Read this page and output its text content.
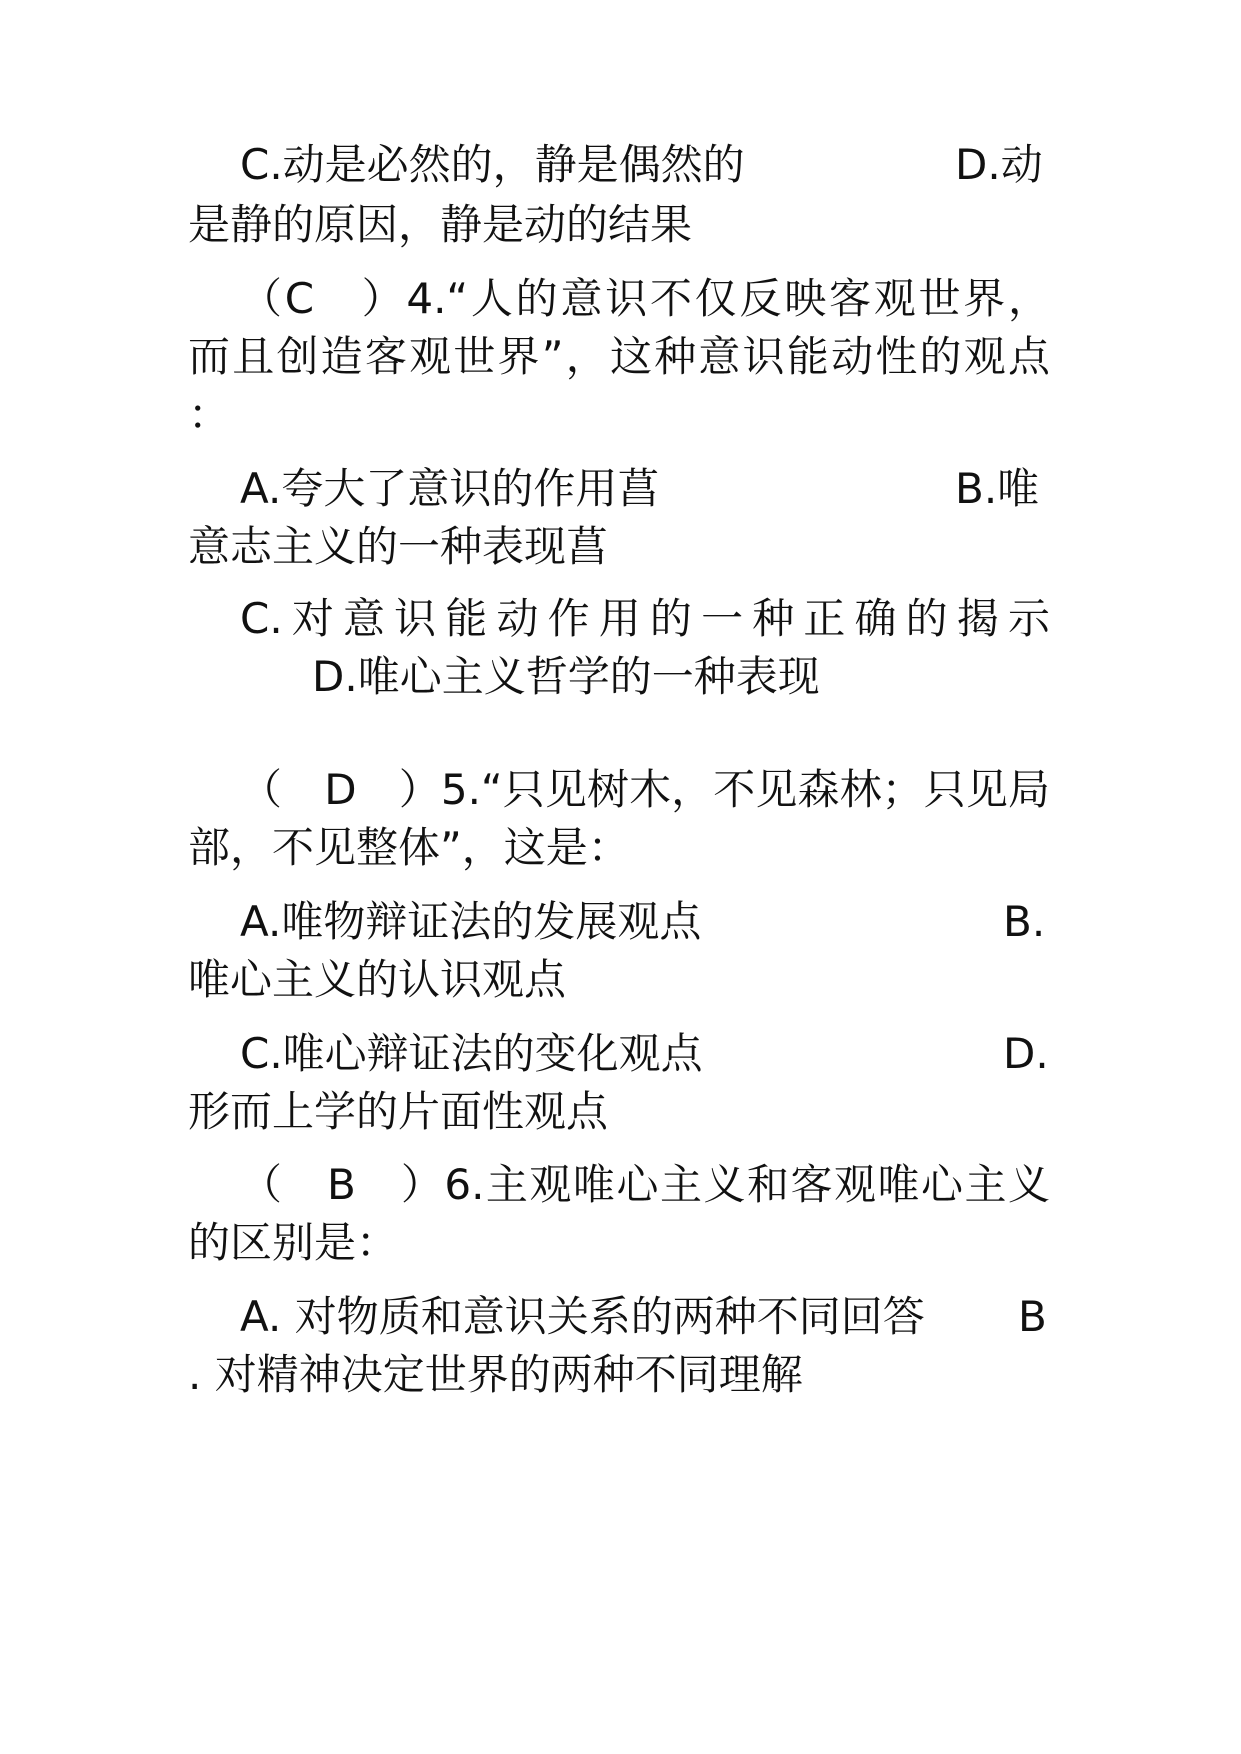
C.动是必然的，静是偶然的	D.动
是静的原因，静是动的结果
（C　）4.“人的意识不仅反映客观世界，
而且创造客观世界”，这种意识能动性的观点
：
A.夸大了意识的作用菖	B.唯
意志主义的一种表现菖
C.对意识能动作用的一种正确的揭示
D.唯心主义哲学的一种表现
（　D　）5.“只见树木，不见森林；只见局
部，不见整体”，这是：
A.唯物辩证法的发展观点	B.
唯心主义的认识观点
C.唯心辩证法的变化观点	D.
形而上学的片面性观点
（　B　）6.主观唯心主义和客观唯心主义
的区别是：
A. 对物质和意识关系的两种不同回答 B
. 对精神决定世界的两种不同理解
